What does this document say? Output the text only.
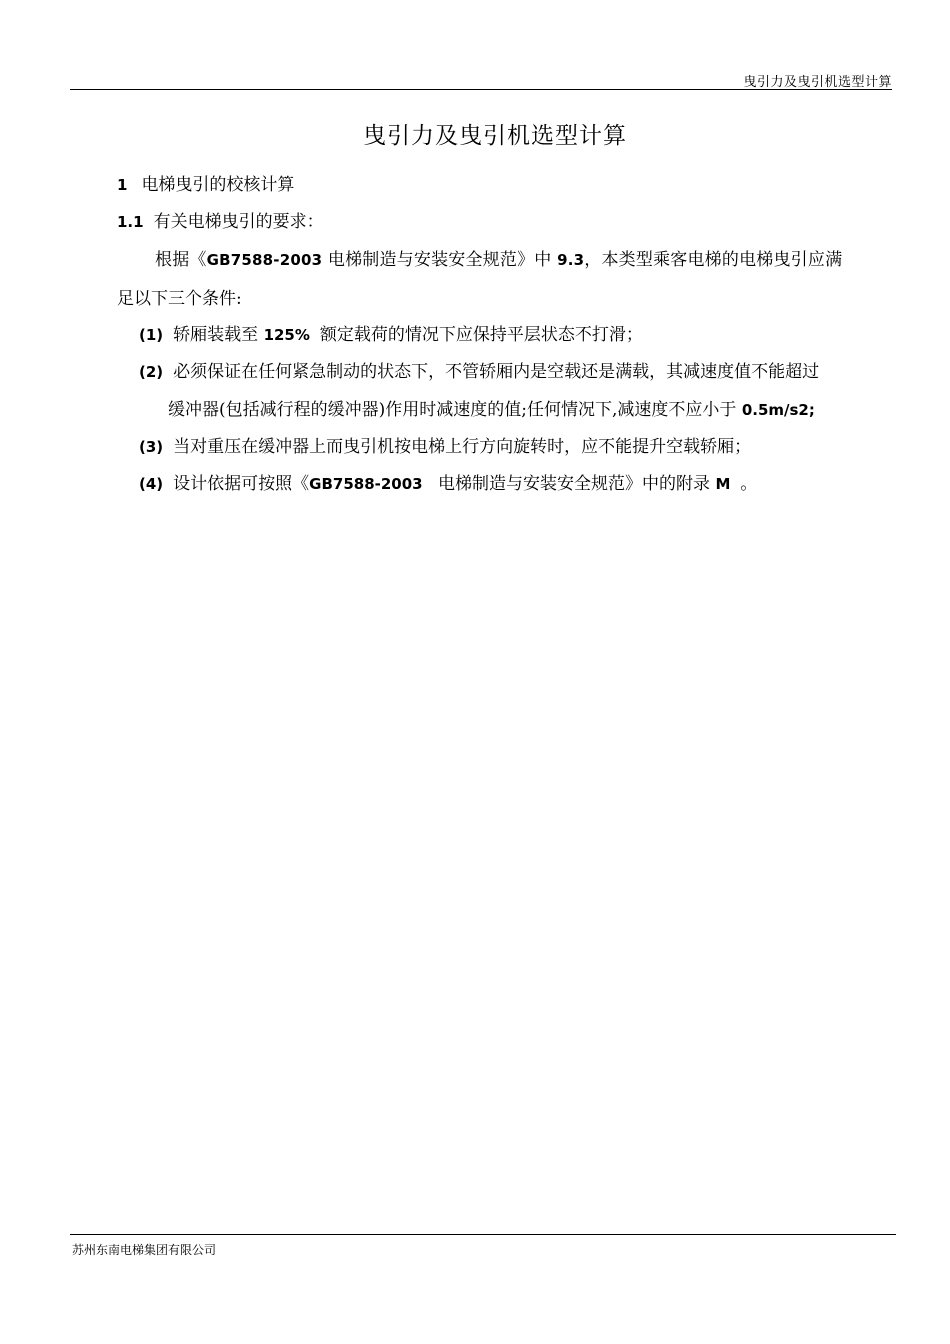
曳引力及曳引机选型计算
曳引力及曳引机选型计算
1 电梯曳引的校核计算
1.1 有关电梯曳引的要求：
根据《GB7588-2003 电梯制造与安装安全规范》中 9.3，本类型乘客电梯的电梯曳引应满
足以下三个条件:
(1) 轿厢装载至 125% 额定载荷的情况下应保持平层状态不打滑；
(2) 必须保证在任何紧急制动的状态下，不管轿厢内是空载还是满载，其减速度值不能超过
缓冲器(包括减行程的缓冲器)作用时减速度的值;任何情况下,减速度不应小于 0.5m/s2;
(3) 当对重压在缓冲器上而曳引机按电梯上行方向旋转时，应不能提升空载轿厢；
(4) 设计依据可按照《GB7588-2003 电梯制造与安装安全规范》中的附录 M 。
苏州东南电梯集团有限公司
